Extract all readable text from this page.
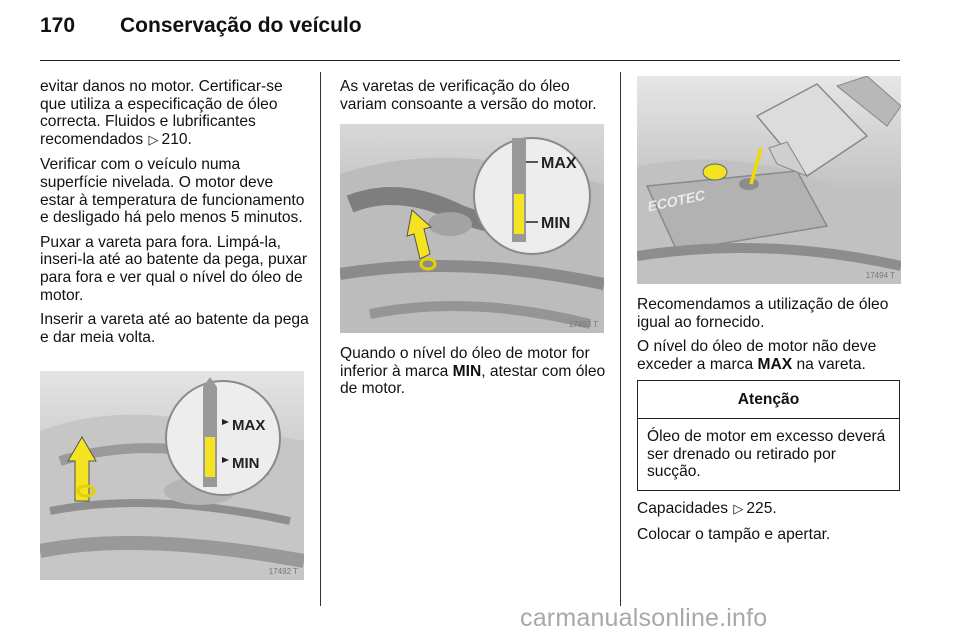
170 Conservação do veículo

evitar danos no motor. Certificar-se que utiliza a especificação de óleo correcta. Fluidos e lubrificantes recomendados ▷ 210.

Verificar com o veículo numa superfície nivelada. O motor deve estar à temperatura de funcionamento e desligado há pelo menos 5 minutos.

Puxar a vareta para fora. Limpá-la, inseri-la até ao batente da pega, puxar para fora e ver qual o nível do óleo de motor.

Inserir a vareta até ao batente da pega e dar meia volta.

MAX
MIN
17492 T

As varetas de verificação do óleo variam consoante a versão do motor.

MAX
MIN
17493 T

Quando o nível do óleo de motor for inferior à marca MIN, atestar com óleo de motor.

ECOTEC
17494 T

Recomendamos a utilização de óleo igual ao fornecido.

O nível do óleo de motor não deve exceder a marca MAX na vareta.

Atenção
Óleo de motor em excesso deverá ser drenado ou retirado por sucção.

Capacidades ▷ 225.

Colocar o tampão e apertar.

carmanualsonline.info
